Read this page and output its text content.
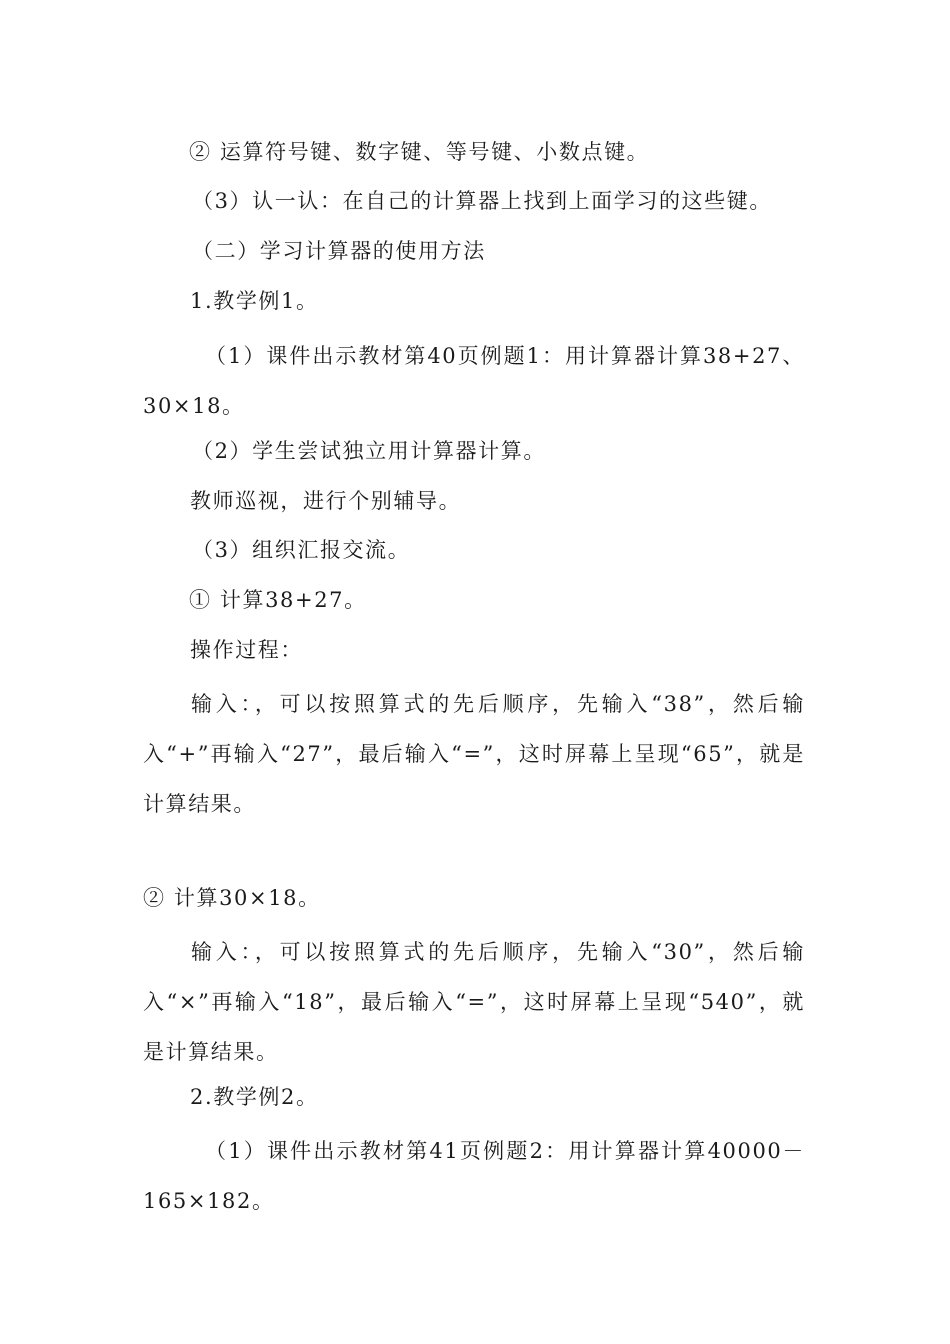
② 运算符号键、数字键、等号键、小数点键。
（3）认一认：在自己的计算器上找到上面学习的这些键。
（二）学习计算器的使用方法
1.教学例1。
（1）课件出示教材第40页例题1：用计算器计算38+27、30×18。
（2）学生尝试独立用计算器计算。
教师巡视，进行个别辅导。
（3）组织汇报交流。
① 计算38+27。
操作过程：
输入：，可以按照算式的先后顺序，先输入“38”，然后输入“+”再输入“27”，最后输入“=”，这时屏幕上呈现“65”，就是计算结果。
② 计算30×18。
输入：，可以按照算式的先后顺序，先输入“30”，然后输入“×”再输入“18”，最后输入“=”，这时屏幕上呈现“540”，就是计算结果。
2.教学例2。
（1）课件出示教材第41页例题2：用计算器计算40000－165×182。
